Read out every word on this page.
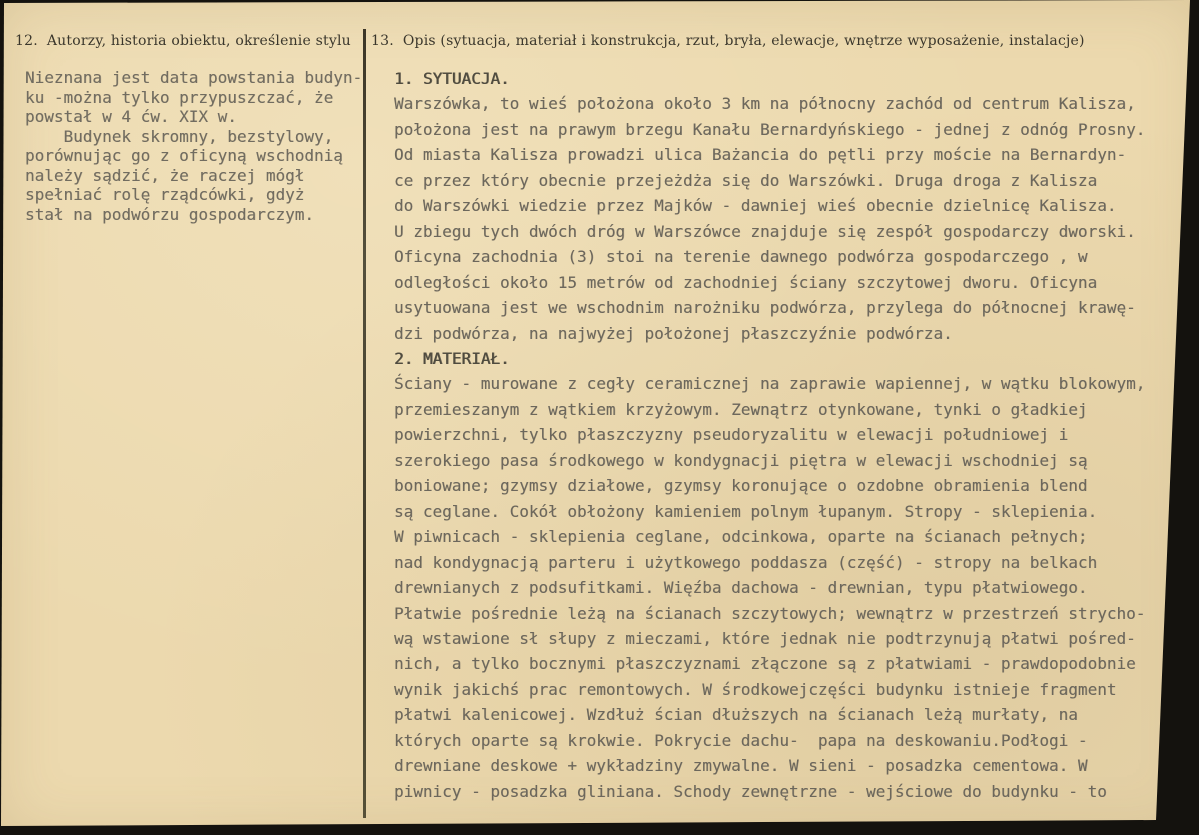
12. Autorzy, historia obiektu, określenie stylu 13. Opis (sytuacja, materiał i konstrukcja, rzut, bryła, elewacje, wnętrze wyposażenie, instalacje)
Nieznana jest data powstania budyn-
ku -można tylko przypuszczać, że
powstał w 4 ćw. XIX w.
Budynek skromny, bezstylowy,
porównując go z oficyną wschodnią
należy sądzić, że raczej mógł
spełniać rolę rządcówki, gdyż
stał na podwórzu gospodarczym.
1. SYTUACJA.
Warszówka, to wieś położona około 3 km na północny zachód od centrum Kalisza,
położona jest na prawym brzegu Kanału Bernardyńskiego - jednej z odnóg Prosny.
Od miasta Kalisza prowadzi ulica Bażancia do pętli przy moście na Bernardyn-
ce przez który obecnie przejeżdża się do Warszówki. Druga droga z Kalisza
do Warszówki wiedzie przez Majków - dawniej wieś obecnie dzielnicę Kalisza.
U zbiegu tych dwóch dróg w Warszówce znajduje się zespół gospodarczy dworski.
Oficyna zachodnia (3) stoi na terenie dawnego podwórza gospodarczego , w
odległości około 15 metrów od zachodniej ściany szczytowej dworu. Oficyna
usytuowana jest we wschodnim narożniku podwórza, przylega do północnej krawę-
dzi podwórza, na najwyżej położonej płaszczyźnie podwórza.
2. MATERIAŁ.
Ściany - murowane z cegły ceramicznej na zaprawie wapiennej, w wątku blokowym,
przemieszanym z wątkiem krzyżowym. Zewnątrz otynkowane, tynki o gładkiej
powierzchni, tylko płaszczyzny pseudoryzalitu w elewacji południowej i
szerokiego pasa środkowego w kondygnacji piętra w elewacji wschodniej są
boniowane; gzymsy działowe, gzymsy koronujące o ozdobne obramienia blend
są ceglane. Cokół obłożony kamieniem polnym łupanym. Stropy - sklepienia.
W piwnicach - sklepienia ceglane, odcinkowa, oparte na ścianach pełnych;
nad kondygnacją parteru i użytkowego poddasza (część) - stropy na belkach
drewnianych z podsufitkami. Więźba dachowa - drewnian, typu płatwiowego.
Płatwie pośrednie leżą na ścianach szczytowych; wewnątrz w przestrzeń strycho-
wą wstawione sł słupy z mieczami, które jednak nie podtrzynują płatwi pośred-
nich, a tylko bocznymi płaszczyznami złączone są z płatwiami - prawdopodobnie
wynik jakichś prac remontowych. W środkowejczęści budynku istnieje fragment
płatwi kalenicowej. Wzdłuż ścian dłuższych na ścianach leżą murłaty, na
których oparte są krokwie. Pokrycie dachu-  papa na deskowaniu.Podłogi -
drewniane deskowe + wykładziny zmywalne. W sieni - posadzka cementowa. W
piwnicy - posadzka gliniana. Schody zewnętrzne - wejściowe do budynku - to
